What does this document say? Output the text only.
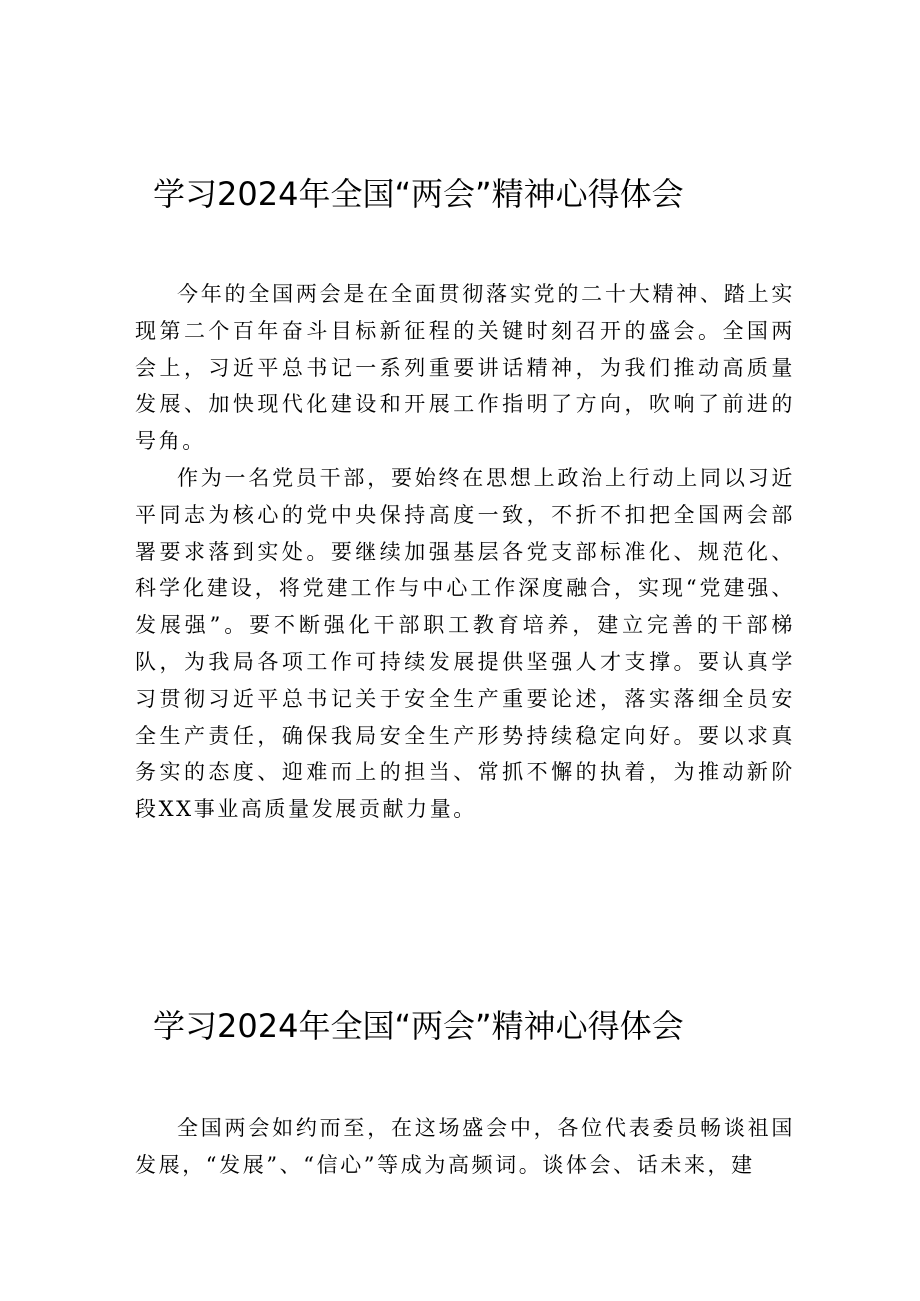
学习2024年全国“两会”精神心得体会

今年的全国两会是在全面贯彻落实党的二十大精神、踏上实现第二个百年奋斗目标新征程的关键时刻召开的盛会。全国两会上，习近平总书记一系列重要讲话精神，为我们推动高质量发展、加快现代化建设和开展工作指明了方向，吹响了前进的号角。

作为一名党员干部，要始终在思想上政治上行动上同以习近平同志为核心的党中央保持高度一致，不折不扣把全国两会部署要求落到实处。要继续加强基层各党支部标准化、规范化、科学化建设，将党建工作与中心工作深度融合，实现“党建强、发展强”。要不断强化干部职工教育培养，建立完善的干部梯队，为我局各项工作可持续发展提供坚强人才支撑。要认真学习贯彻习近平总书记关于安全生产重要论述，落实落细全员安全生产责任，确保我局安全生产形势持续稳定向好。要以求真务实的态度、迎难而上的担当、常抓不懈的执着，为推动新阶段XX事业高质量发展贡献力量。

学习2024年全国“两会”精神心得体会

全国两会如约而至，在这场盛会中，各位代表委员畅谈祖国发展，“发展”、“信心”等成为高频词。谈体会、话未来，建
